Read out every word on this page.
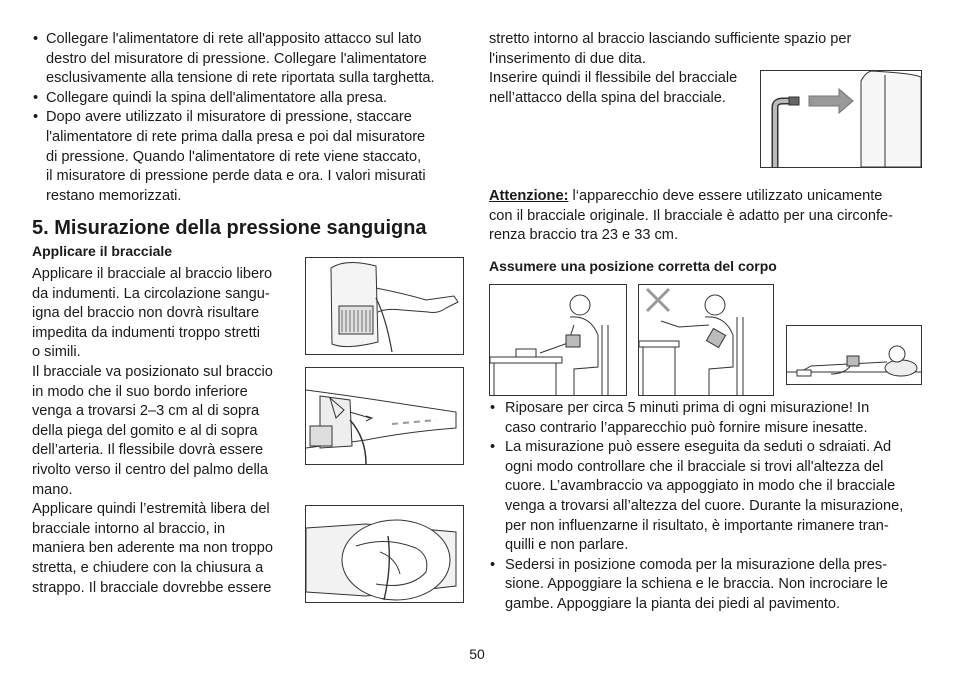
• Collegare l'alimentatore di rete all'apposito attacco sul lato
destro del misuratore di pressione. Collegare l'alimentatore
esclusivamente alla tensione di rete riportata sulla targhetta.
• Collegare quindi la spina dell'alimentatore alla presa.
• Dopo avere utilizzato il misuratore di pressione, staccare
l'alimentatore di rete prima dalla presa e poi dal misuratore
di pressione. Quando l'alimentatore di rete viene staccato,
il misuratore di pressione perde data e ora. I valori misurati
restano memorizzati.
5. Misurazione della pressione sanguigna
Applicare il bracciale
Applicare il bracciale al braccio libero
da indumenti. La circolazione sangu-
igna del braccio non dovrà risultare
impedita da indumenti troppo stretti
o simili.
Il bracciale va posizionato sul braccio
in modo che il suo bordo inferiore
venga a trovarsi 2–3 cm al di sopra
della piega del gomito e al di sopra
dell’arteria. Il flessibile dovrà essere
rivolto verso il centro del palmo della
mano.
Applicare quindi l’estremità libera del
bracciale intorno al braccio, in
maniera ben aderente ma non troppo
stretta, e chiudere con la chiusura a
strappo. Il bracciale dovrebbe essere
stretto intorno al braccio lasciando sufficiente spazio per
l'inserimento di due dita.
Inserire quindi il flessibile del bracciale
nell’attacco della spina del bracciale.
Attenzione: l‘apparecchio deve essere utilizzato unicamente
con il bracciale originale. Il bracciale è adatto per una circonfe-
renza braccio tra 23 e 33 cm.
Assumere una posizione corretta del corpo
• Riposare per circa 5 minuti prima di ogni misurazione! In
caso contrario l’apparecchio può fornire misure inesatte.
• La misurazione può essere eseguita da seduti o sdraiati. Ad
ogni modo controllare che il bracciale si trovi all'altezza del
cuore. L’avambraccio va appoggiato in modo che il bracciale
venga a trovarsi all’altezza del cuore. Durante la misurazione,
per non influenzarne il risultato, è importante rimanere tran-
quilli e non parlare.
• Sedersi in posizione comoda per la misurazione della pres-
sione. Appoggiare la schiena e le braccia. Non incrociare le
gambe. Appoggiare la pianta dei piedi al pavimento.
50
